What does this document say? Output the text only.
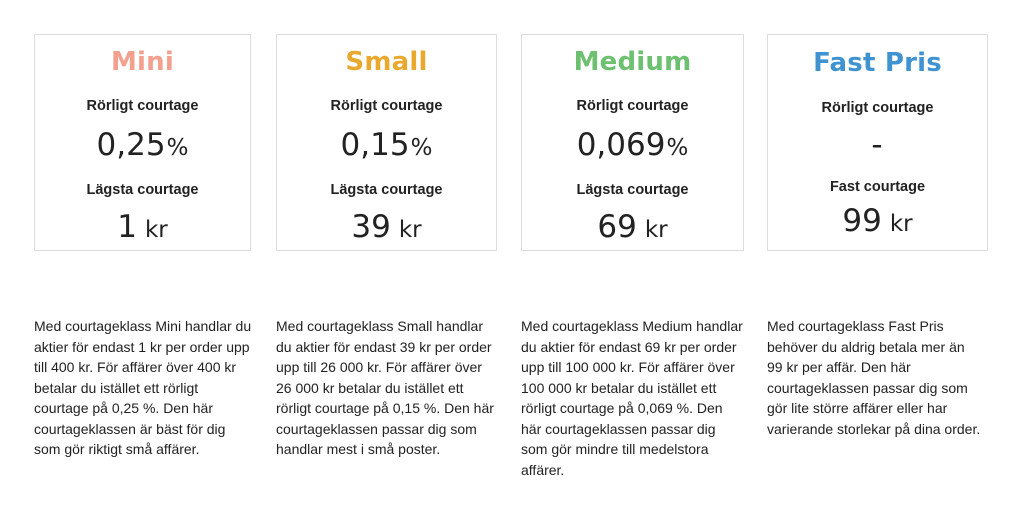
Mini
Rörligt courtage
0,25%
Lägsta courtage
1 kr

Med courtageklass Mini handlar du aktier för endast 1 kr per order upp till 400 kr. För affärer över 400 kr betalar du istället ett rörligt courtage på 0,25 %. Den här courtageklassen är bäst för dig som gör riktigt små affärer.

Small
Rörligt courtage
0,15%
Lägsta courtage
39 kr

Med courtageklass Small handlar du aktier för endast 39 kr per order upp till 26 000 kr. För affärer över 26 000 kr betalar du istället ett rörligt courtage på 0,15 %. Den här courtageklassen passar dig som handlar mest i små poster.

Medium
Rörligt courtage
0,069%
Lägsta courtage
69 kr

Med courtageklass Medium handlar du aktier för endast 69 kr per order upp till 100 000 kr. För affärer över 100 000 kr betalar du istället ett rörligt courtage på 0,069 %. Den här courtageklassen passar dig som gör mindre till medelstora affärer.

Fast Pris
Rörligt courtage
-
Fast courtage
99 kr

Med courtageklass Fast Pris behöver du aldrig betala mer än 99 kr per affär. Den här courtageklassen passar dig som gör lite större affärer eller har varierande storlekar på dina order.
